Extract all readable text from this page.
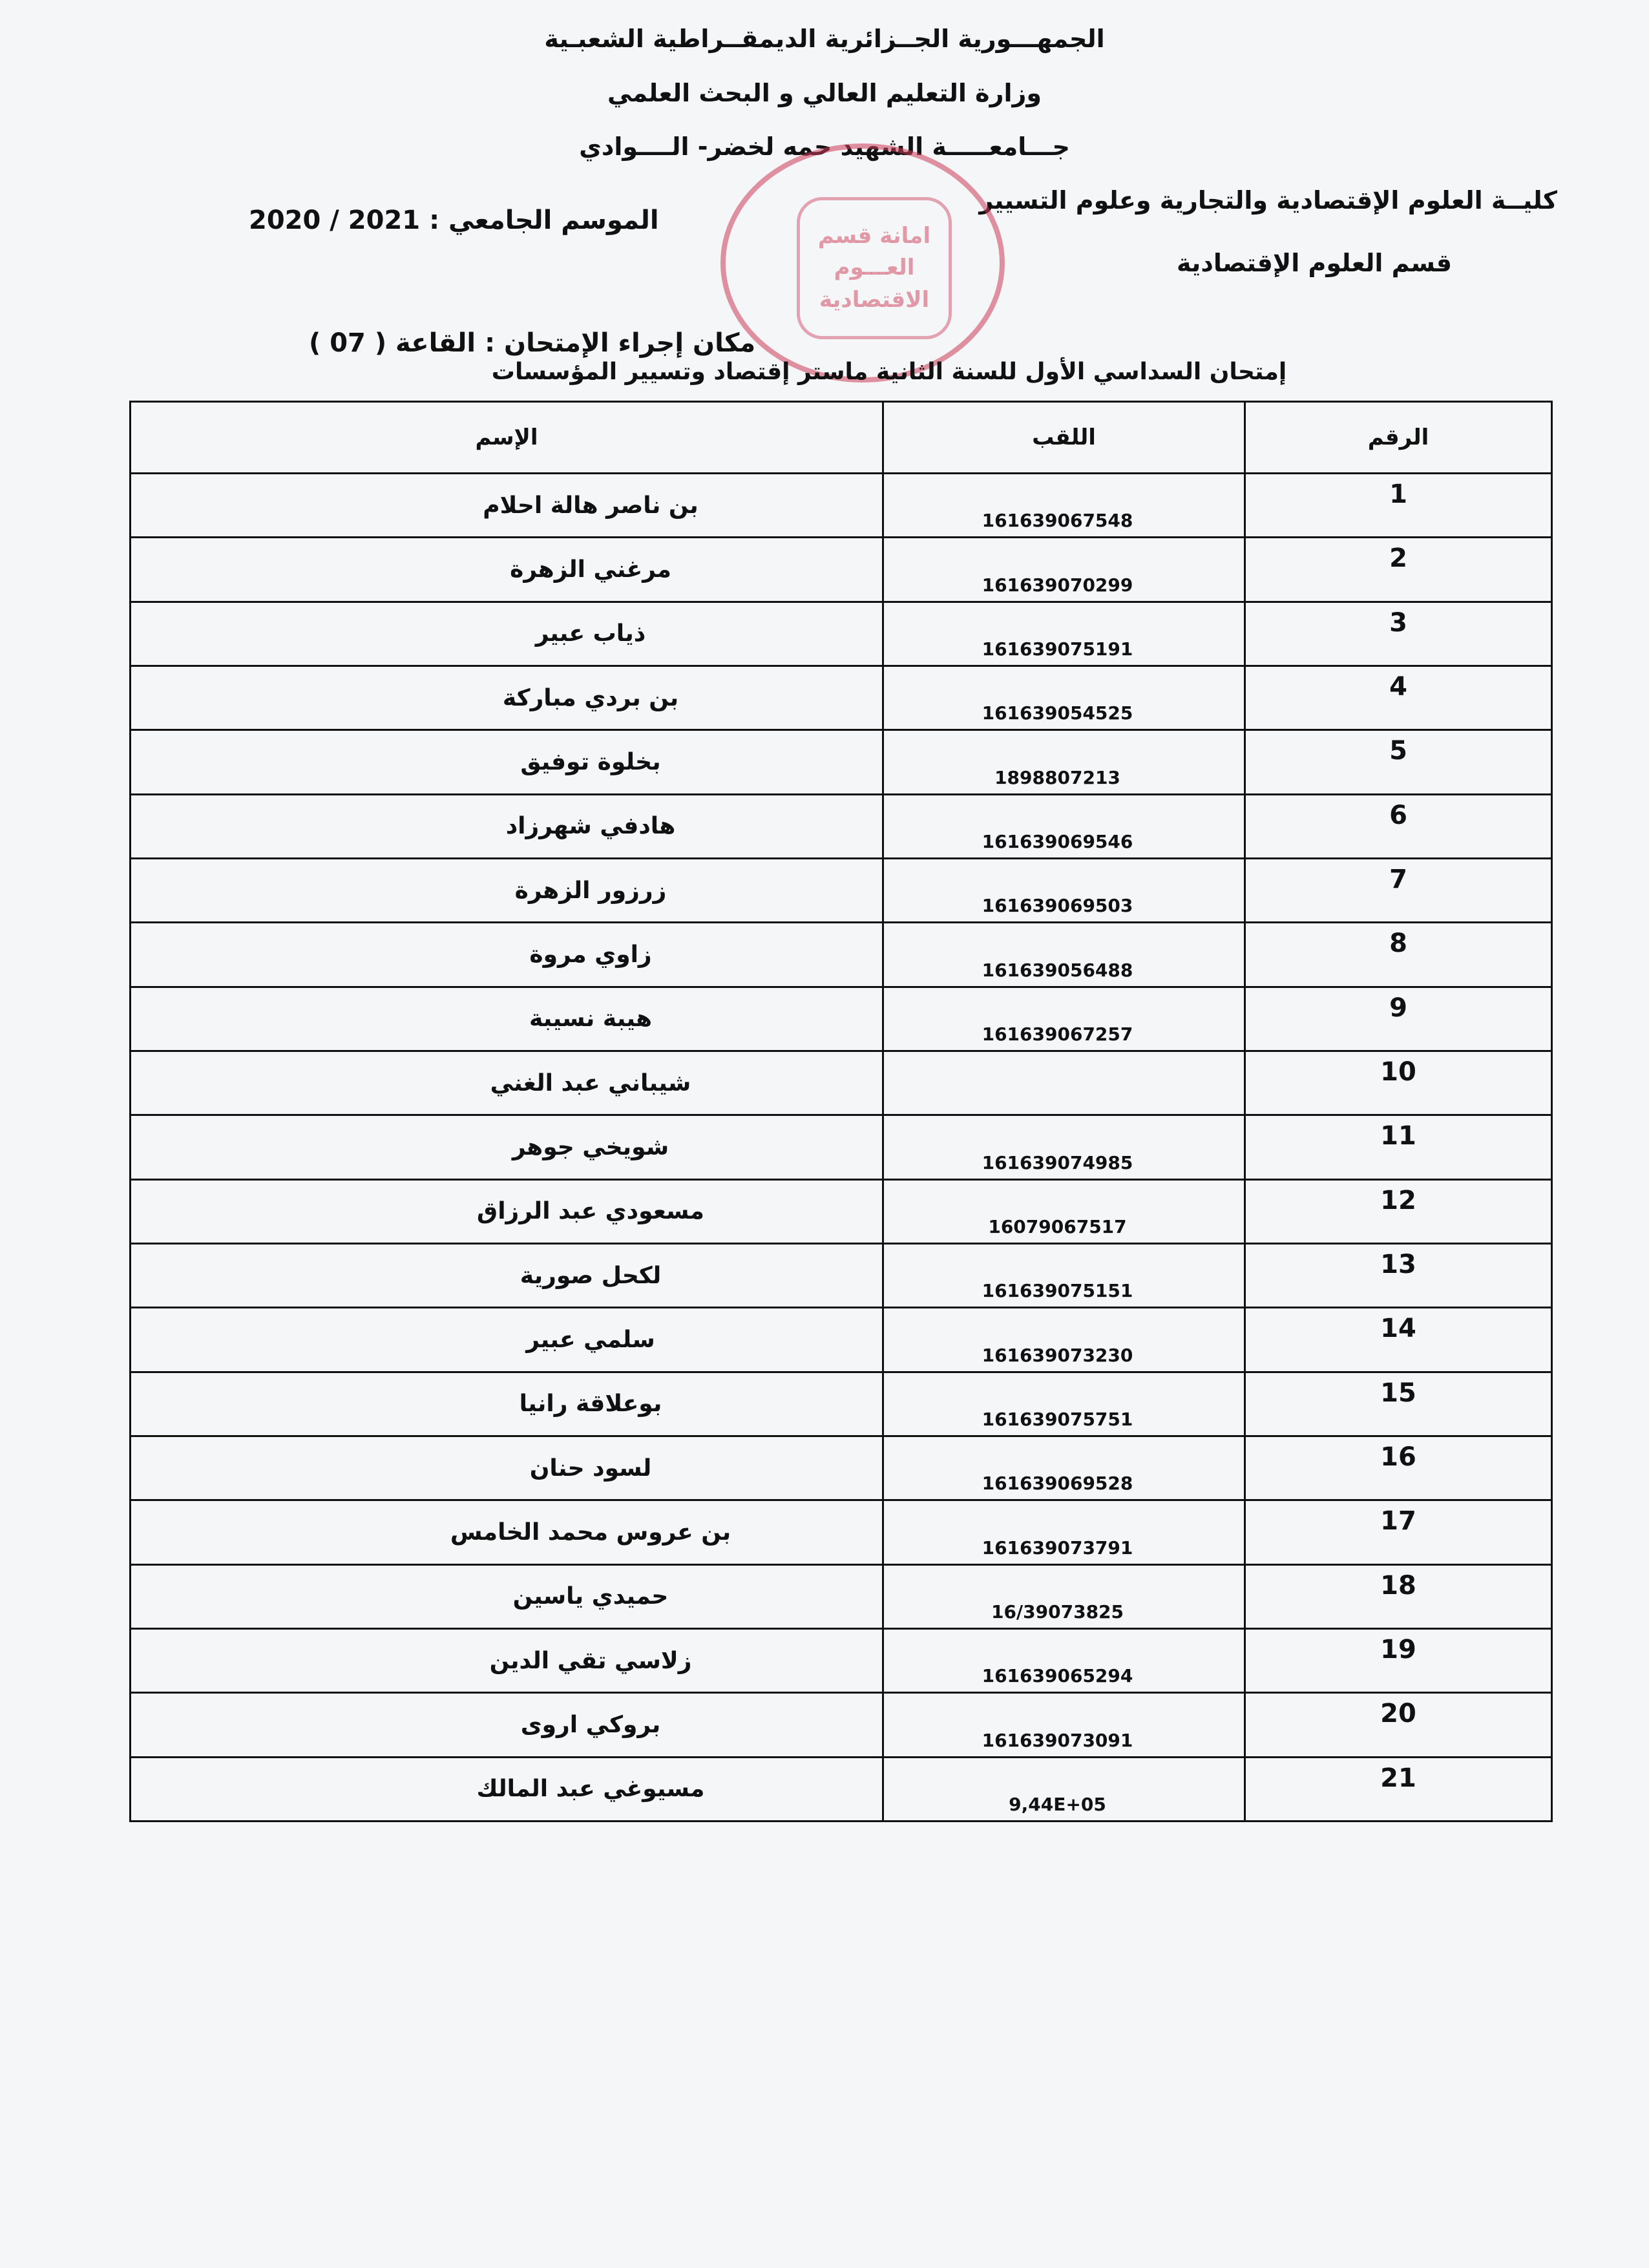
الجمهـــورية الجــزائرية الديمقــراطية الشعبـية
وزارة التعليم العالي و البحث العلمي
جـــامعـــــة الشهيد حمه لخضر- الــــوادي
كليــة العلوم الإقتصادية والتجارية وعلوم التسيير
قسم العلوم الإقتصادية
الموسم الجامعي : 2021 / 2020
امانة قسم
العـــوم
الاقتصادية
مكان إجراء الإمتحان : القاعة ( 07 )
إمتحان السداسي الأول للسنة الثانية ماستر إقتصاد وتسيير المؤسسات
الرقم	اللقب	الإسم
1	161639067548	بن ناصر هالة احلام
2	161639070299	مرغني الزهرة
3	161639075191	ذياب عبير
4	161639054525	بن بردي مباركة
5	1898807213	بخلوة توفيق
6	161639069546	هادفي شهرزاد
7	161639069503	زرزور الزهرة
8	161639056488	زاوي مروة
9	161639067257	هيبة نسيبة
10		شيباني عبد الغني
11	161639074985	شويخي جوهر
12	16079067517	مسعودي عبد الرزاق
13	161639075151	لكحل صورية
14	161639073230	سلمي عبير
15	161639075751	بوعلاقة رانيا
16	161639069528	لسود حنان
17	161639073791	بن عروس محمد الخامس
18	16/39073825	حميدي ياسين
19	161639065294	زلاسي تقي الدين
20	161639073091	بروكي اروى
21	9,44E+05	مسيوغي عبد المالك
